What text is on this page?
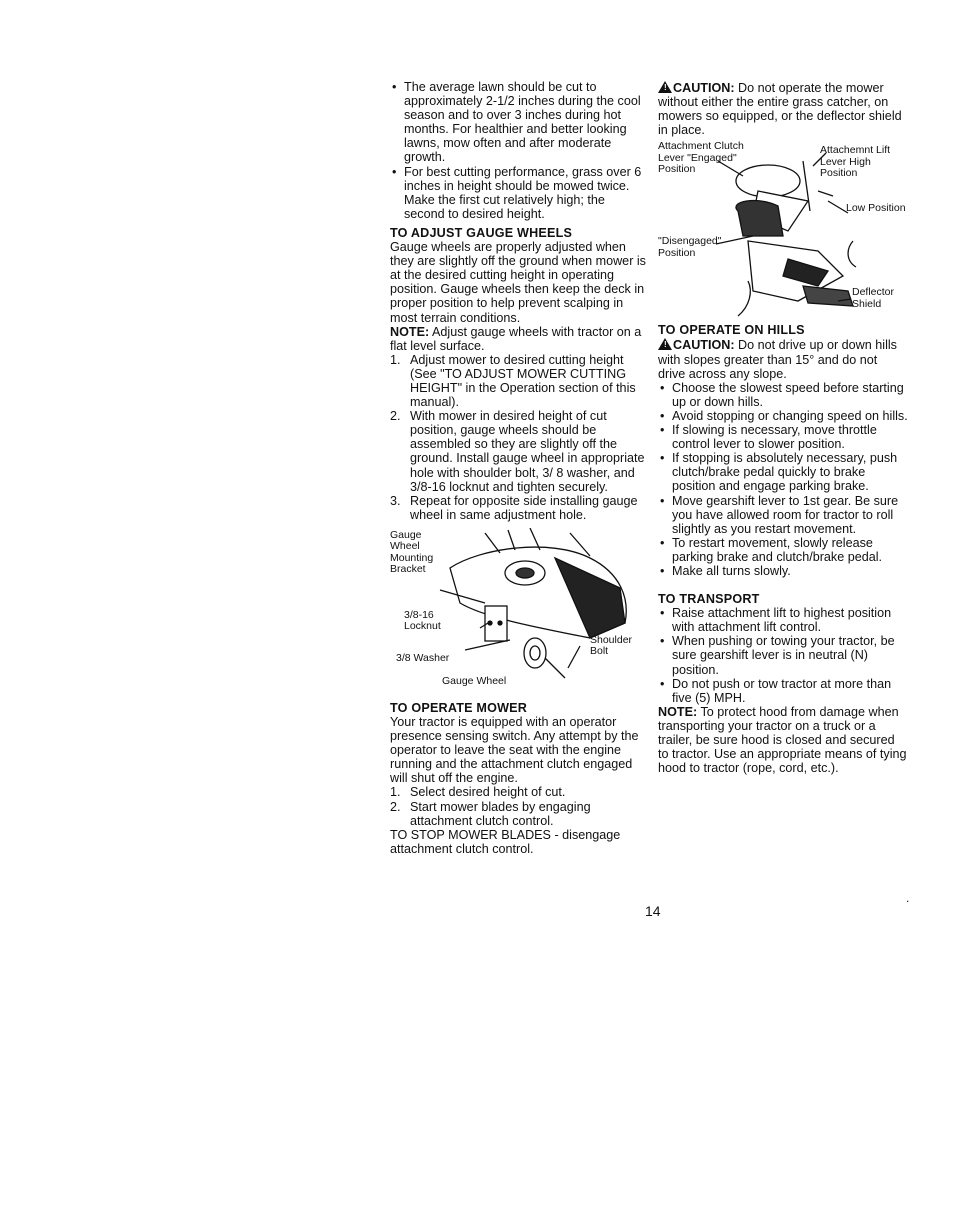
• The average lawn should be cut to approximately 2-1/2 inches during the cool season and to over 3 inches during hot months. For healthier and better looking lawns, mow often and after moderate growth.
• For best cutting performance, grass over 6 inches in height should be mowed twice. Make the first cut relatively high; the second to desired height.

TO ADJUST GAUGE WHEELS

Gauge wheels are properly adjusted when they are slightly off the ground when mower is at the desired cutting height in operating position. Gauge wheels then keep the deck in proper position to help prevent scalping in most terrain conditions.

NOTE: Adjust gauge wheels with tractor on a flat level surface.

1. Adjust mower to desired cutting height (See "TO ADJUST MOWER CUTTING HEIGHT" in the Operation section of this manual).
2. With mower in desired height of cut position, gauge wheels should be assembled so they are slightly off the ground. Install gauge wheel in appropriate hole with shoulder bolt, 3/ 8 washer, and 3/8-16 locknut and tighten securely.
3. Repeat for opposite side installing gauge wheel in same adjustment hole.
Gauge Wheel Mounting Bracket
3/8-16 Locknut
3/8 Washer
Shoulder Bolt
Gauge Wheel

TO OPERATE MOWER

Your tractor is equipped with an operator presence sensing switch. Any attempt by the operator to leave the seat with the engine running and the attachment clutch engaged will shut off the engine.

1. Select desired height of cut.
2. Start mower blades by engaging attachment clutch control.

TO STOP MOWER BLADES - disengage attachment clutch control.

! CAUTION: Do not operate the mower without either the entire grass catcher, on mowers so equipped, or the deflector shield in place.

Attachment Clutch Lever "Engaged" Position
Attachemnt Lift Lever High Position
Low Position
"Disengaged" Position
Deflector Shield

TO OPERATE ON HILLS

! CAUTION: Do not drive up or down hills with slopes greater than 15° and do not drive across any slope.

• Choose the slowest speed before starting up or down hills.
• Avoid stopping or changing speed on hills.
• If slowing is necessary, move throttle control lever to slower position.
• If stopping is absolutely necessary, push clutch/brake pedal quickly to brake position and engage parking brake.
• Move gearshift lever to 1st gear. Be sure you have allowed room for tractor to roll slightly as you restart movement.
• To restart movement, slowly release parking brake and clutch/brake pedal.
• Make all turns slowly.

TO TRANSPORT

• Raise attachment lift to highest position with attachment lift control.
• When pushing or towing your tractor, be sure gearshift lever is in neutral (N) position.
• Do not push or tow tractor at more than five (5) MPH.

NOTE: To protect hood from damage when transporting your tractor on a truck or a trailer, be sure hood is closed and secured to tractor. Use an appropriate means of tying hood to tractor (rope, cord, etc.).

14
.
